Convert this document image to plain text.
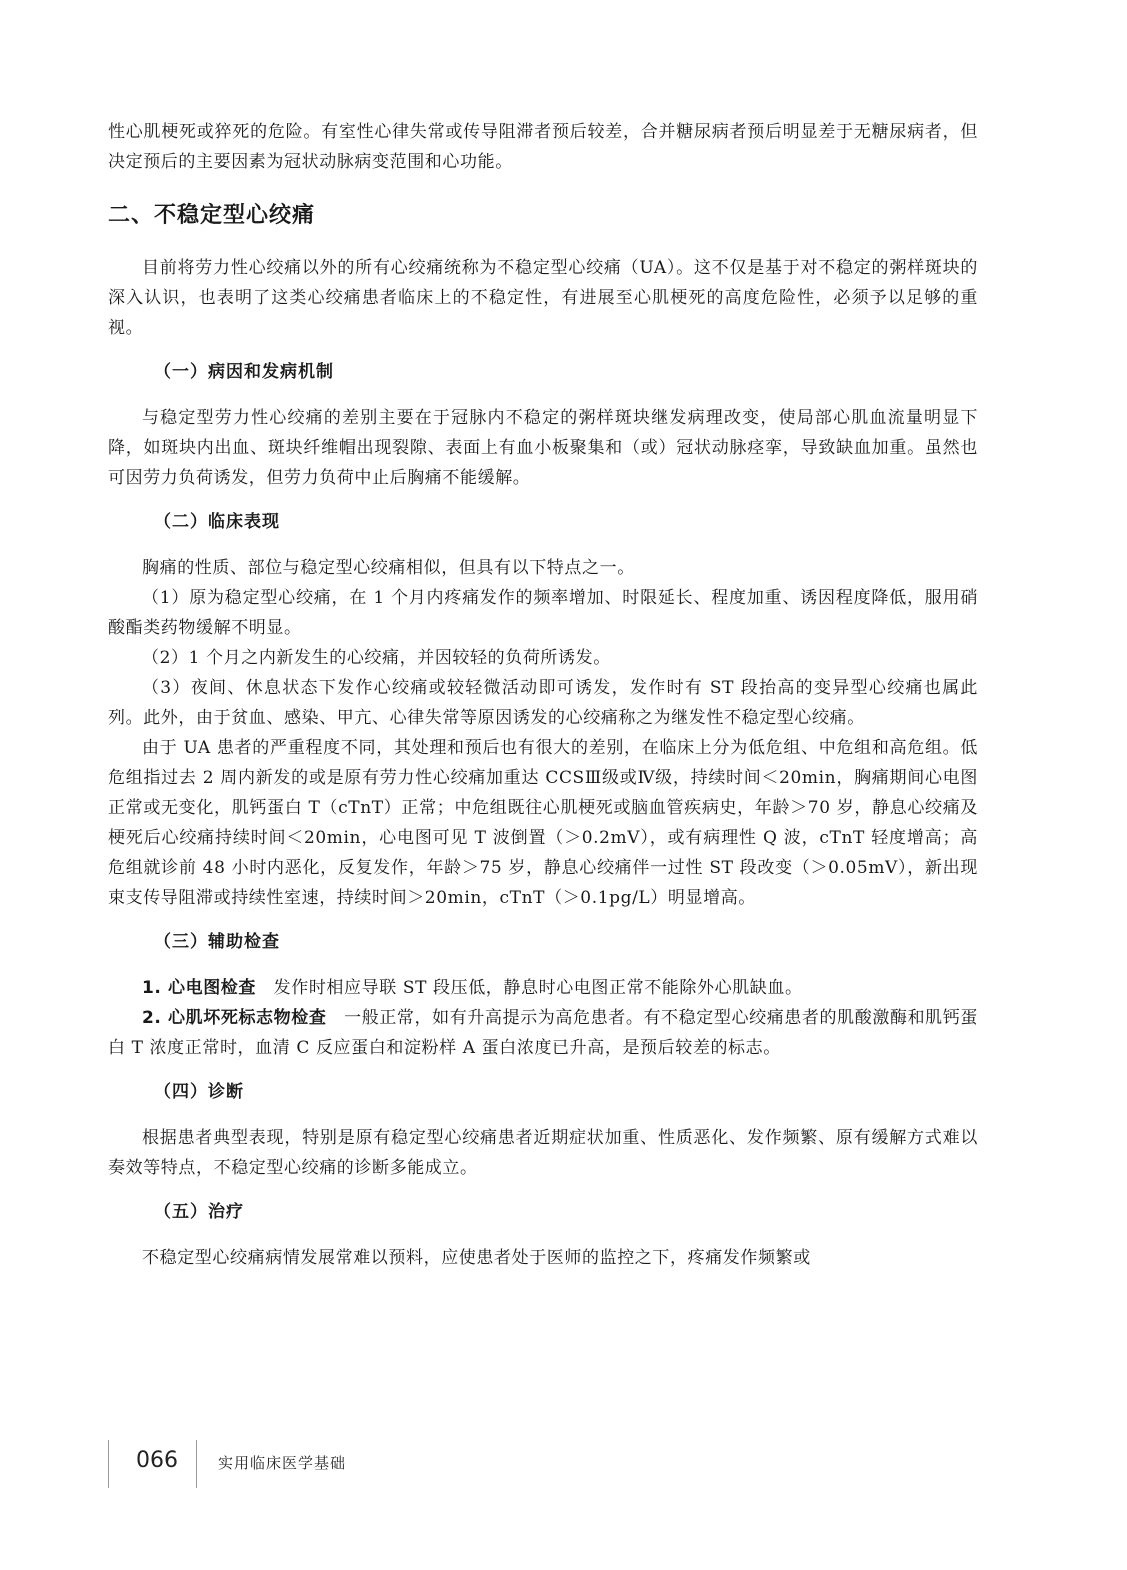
性心肌梗死或猝死的危险。有室性心律失常或传导阻滞者预后较差，合并糖尿病者预后明显差于无糖尿病者，但决定预后的主要因素为冠状动脉病变范围和心功能。

二、不稳定型心绞痛

目前将劳力性心绞痛以外的所有心绞痛统称为不稳定型心绞痛（UA）。这不仅是基于对不稳定的粥样斑块的深入认识，也表明了这类心绞痛患者临床上的不稳定性，有进展至心肌梗死的高度危险性，必须予以足够的重视。

（一）病因和发病机制

与稳定型劳力性心绞痛的差别主要在于冠脉内不稳定的粥样斑块继发病理改变，使局部心肌血流量明显下降，如斑块内出血、斑块纤维帽出现裂隙、表面上有血小板聚集和（或）冠状动脉痉挛，导致缺血加重。虽然也可因劳力负荷诱发，但劳力负荷中止后胸痛不能缓解。

（二）临床表现

胸痛的性质、部位与稳定型心绞痛相似，但具有以下特点之一。

（1）原为稳定型心绞痛，在 1 个月内疼痛发作的频率增加、时限延长、程度加重、诱因程度降低，服用硝酸酯类药物缓解不明显。

（2）1 个月之内新发生的心绞痛，并因较轻的负荷所诱发。

（3）夜间、休息状态下发作心绞痛或较轻微活动即可诱发，发作时有 ST 段抬高的变异型心绞痛也属此列。此外，由于贫血、感染、甲亢、心律失常等原因诱发的心绞痛称之为继发性不稳定型心绞痛。

由于 UA 患者的严重程度不同，其处理和预后也有很大的差别，在临床上分为低危组、中危组和高危组。低危组指过去 2 周内新发的或是原有劳力性心绞痛加重达 CCSⅢ级或Ⅳ级，持续时间＜20min，胸痛期间心电图正常或无变化，肌钙蛋白 T（cTnT）正常；中危组既往心肌梗死或脑血管疾病史，年龄＞70 岁，静息心绞痛及梗死后心绞痛持续时间＜20min，心电图可见 T 波倒置（＞0.2mV），或有病理性 Q 波，cTnT 轻度增高；高危组就诊前 48 小时内恶化，反复发作，年龄＞75 岁，静息心绞痛伴一过性 ST 段改变（＞0.05mV），新出现束支传导阻滞或持续性室速，持续时间＞20min，cTnT（＞0.1pg/L）明显增高。

（三）辅助检查

1. 心电图检查　发作时相应导联 ST 段压低，静息时心电图正常不能除外心肌缺血。

2. 心肌坏死标志物检查　一般正常，如有升高提示为高危患者。有不稳定型心绞痛患者的肌酸激酶和肌钙蛋白 T 浓度正常时，血清 C 反应蛋白和淀粉样 A 蛋白浓度已升高，是预后较差的标志。

（四）诊断

根据患者典型表现，特别是原有稳定型心绞痛患者近期症状加重、性质恶化、发作频繁、原有缓解方式难以奏效等特点，不稳定型心绞痛的诊断多能成立。

（五）治疗

不稳定型心绞痛病情发展常难以预料，应使患者处于医师的监控之下，疼痛发作频繁或

066	实用临床医学基础
